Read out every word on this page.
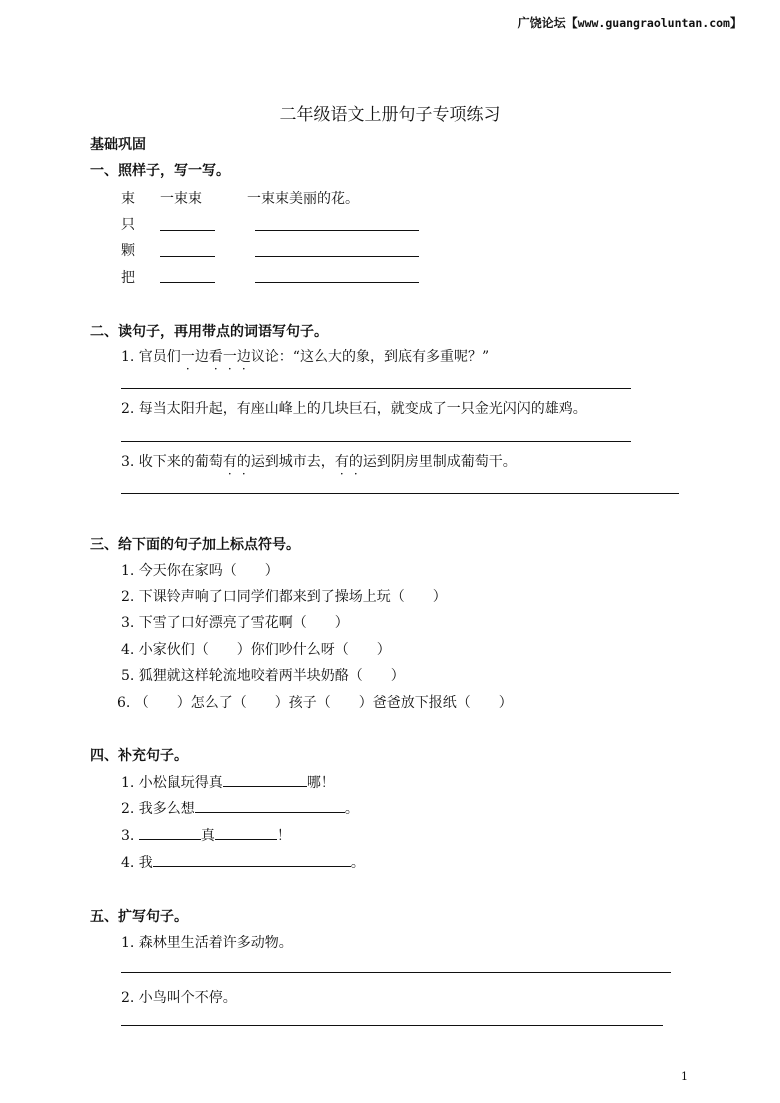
广饶论坛【www.guangraoluntan.com】
二年级语文上册句子专项练习
基础巩固
一、照样子，写一写。
束 一束束	一束束美丽的花。
只
颗
把
二、读句子，再用带点的词语写句子。
1. 官员们一边看一边议论：“这么大的象，到底有多重呢？”
2. 每当太阳升起，有座山峰上的几块巨石，就变成了一只金光闪闪的雄鸡。
3. 收下来的葡萄有的运到城市去，有的运到阴房里制成葡萄干。
三、给下面的句子加上标点符号。
1. 今天你在家吗（　　）
2. 下课铃声响了口同学们都来到了操场上玩（　　）
3. 下雪了口好漂亮了雪花啊（　　）
4. 小家伙们（　　）你们吵什么呀（　　）
5. 狐狸就这样轮流地咬着两半块奶酪（　　）
6. （　　）怎么了（　　）孩子（　　）爸爸放下报纸（　　）
四、补充句子。
1. 小松鼠玩得真	哪！
2. 我多么想	。
3.	真	！
4. 我	。
五、扩写句子。
1. 森林里生活着许多动物。
2. 小鸟叫个不停。
1
